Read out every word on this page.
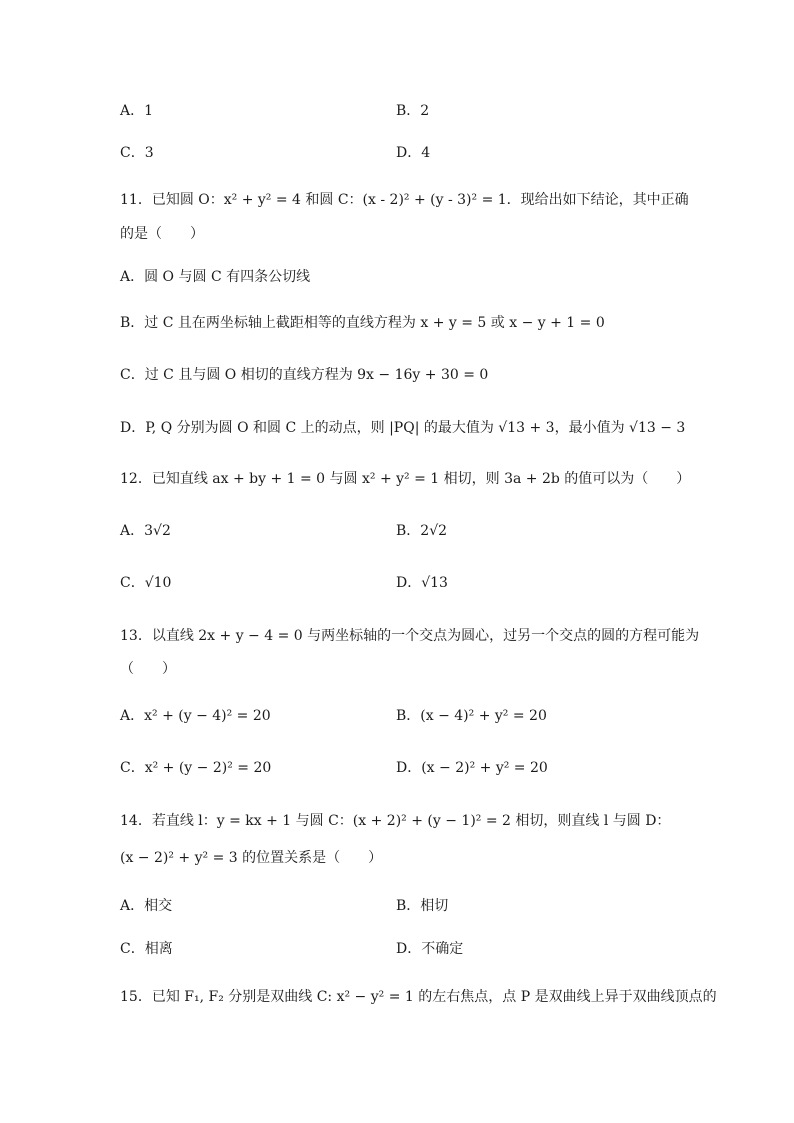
A．1	B．2
C．3	D．4
11．已知圆 O：x² + y² = 4 和圆 C：(x - 2)² + (y - 3)² = 1．现给出如下结论，其中正确
的是（　　）
A．圆 O 与圆 C 有四条公切线
B．过 C 且在两坐标轴上截距相等的直线方程为 x + y = 5 或 x − y + 1 = 0
C．过 C 且与圆 O 相切的直线方程为 9x − 16y + 30 = 0
D．P, Q 分别为圆 O 和圆 C 上的动点，则 |PQ| 的最大值为 √13 + 3，最小值为 √13 − 3
12．已知直线 ax + by + 1 = 0 与圆 x² + y² = 1 相切，则 3a + 2b 的值可以为（　　）
A．3√2	B．2√2
C．√10	D．√13
13．以直线 2x + y − 4 = 0 与两坐标轴的一个交点为圆心，过另一个交点的圆的方程可能为
（　　）
A．x² + (y − 4)² = 20	B．(x − 4)² + y² = 20
C．x² + (y − 2)² = 20	D．(x − 2)² + y² = 20
14．若直线 l：y = kx + 1 与圆 C：(x + 2)² + (y − 1)² = 2 相切，则直线 l 与圆 D：
(x − 2)² + y² = 3 的位置关系是（　　）
A．相交	B．相切
C．相离	D．不确定
15．已知 F₁, F₂ 分别是双曲线 C: x² − y² = 1 的左右焦点，点 P 是双曲线上异于双曲线顶点的
